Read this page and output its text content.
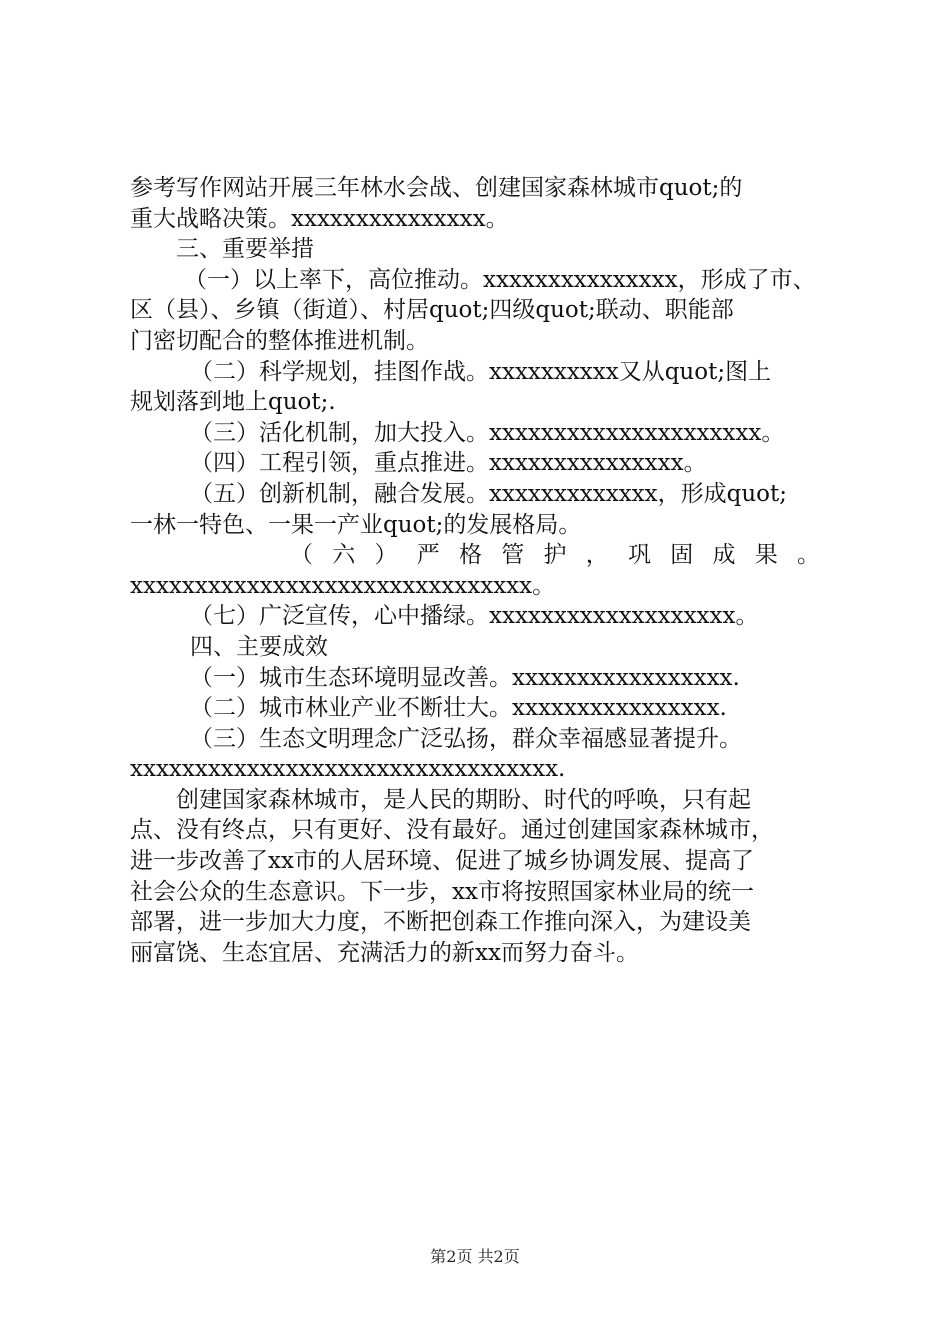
参考写作网站开展三年林水会战、创建国家森林城市quot;的
重大战略决策。xxxxxxxxxxxxxxx。
三、重要举措
（一）以上率下，高位推动。xxxxxxxxxxxxxxx，形成了市、
区（县）、乡镇（街道）、村居quot;四级quot;联动、职能部
门密切配合的整体推进机制。
（二）科学规划，挂图作战。xxxxxxxxxx又从quot;图上
规划落到地上quot;.
（三）活化机制，加大投入。xxxxxxxxxxxxxxxxxxxxx。
（四）工程引领，重点推进。xxxxxxxxxxxxxxx。
（五）创新机制，融合发展。xxxxxxxxxxxxx，形成quot;
一林一特色、一果一产业quot;的发展格局。
（ 六 ） 严 格 管 护 ， 巩 固 成 果 。
xxxxxxxxxxxxxxxxxxxxxxxxxxxxxxx。
（七）广泛宣传，心中播绿。xxxxxxxxxxxxxxxxxxx。
四、主要成效
（一）城市生态环境明显改善。xxxxxxxxxxxxxxxxx.
（二）城市林业产业不断壮大。xxxxxxxxxxxxxxxx.
（三）生态文明理念广泛弘扬，群众幸福感显著提升。
xxxxxxxxxxxxxxxxxxxxxxxxxxxxxxxxx.
创建国家森林城市，是人民的期盼、时代的呼唤，只有起
点、没有终点，只有更好、没有最好。通过创建国家森林城市，
进一步改善了xx市的人居环境、促进了城乡协调发展、提高了
社会公众的生态意识。下一步，xx市将按照国家林业局的统一
部署，进一步加大力度，不断把创森工作推向深入，为建设美
丽富饶、生态宜居、充满活力的新xx而努力奋斗。
第2页 共2页
